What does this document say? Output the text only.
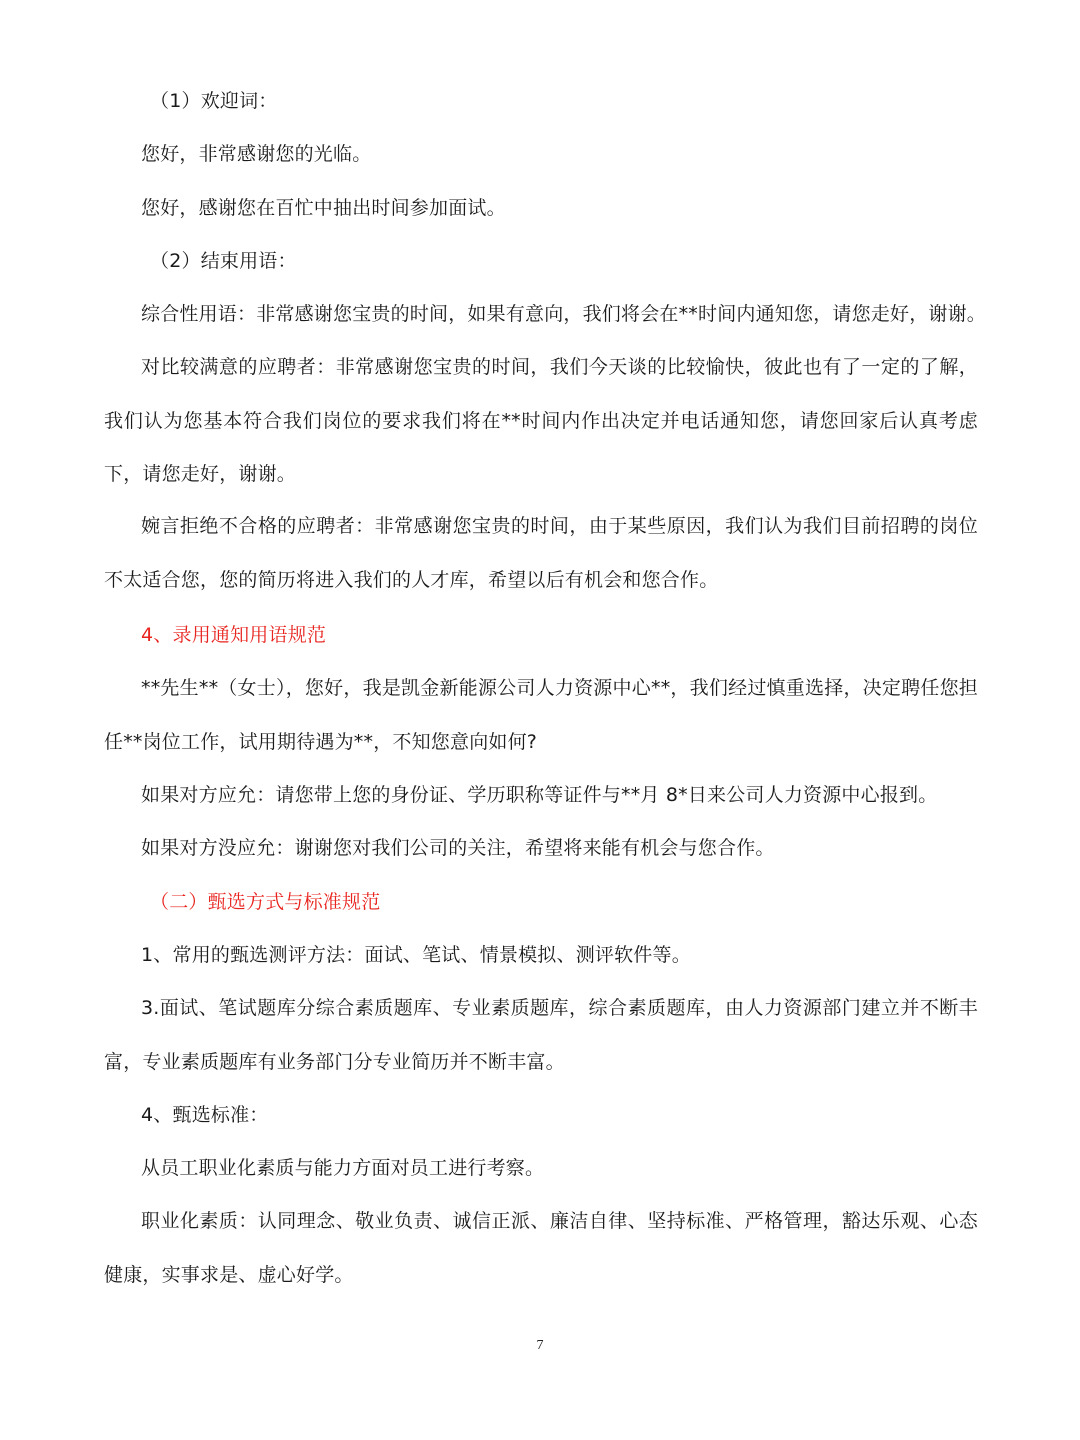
（1）欢迎词：
您好，非常感谢您的光临。
您好，感谢您在百忙中抽出时间参加面试。
（2）结束用语：
综合性用语：非常感谢您宝贵的时间，如果有意向，我们将会在**时间内通知您，请您走好，谢谢。
对比较满意的应聘者：非常感谢您宝贵的时间，我们今天谈的比较愉快，彼此也有了一定的了解，我们认为您基本符合我们岗位的要求我们将在**时间内作出决定并电话通知您，请您回家后认真考虑下，请您走好，谢谢。
婉言拒绝不合格的应聘者：非常感谢您宝贵的时间，由于某些原因，我们认为我们目前招聘的岗位不太适合您，您的简历将进入我们的人才库，希望以后有机会和您合作。
4、录用通知用语规范
**先生**（女士），您好，我是凯金新能源公司人力资源中心**，我们经过慎重选择，决定聘任您担任**岗位工作，试用期待遇为**，不知您意向如何?
如果对方应允：请您带上您的身份证、学历职称等证件与**月 8*日来公司人力资源中心报到。
如果对方没应允：谢谢您对我们公司的关注，希望将来能有机会与您合作。
（二）甄选方式与标准规范
1、常用的甄选测评方法：面试、笔试、情景模拟、测评软件等。
3.面试、笔试题库分综合素质题库、专业素质题库，综合素质题库，由人力资源部门建立并不断丰富，专业素质题库有业务部门分专业简历并不断丰富。
4、甄选标准：
从员工职业化素质与能力方面对员工进行考察。
职业化素质：认同理念、敬业负责、诚信正派、廉洁自律、坚持标准、严格管理，豁达乐观、心态健康，实事求是、虚心好学。
7
